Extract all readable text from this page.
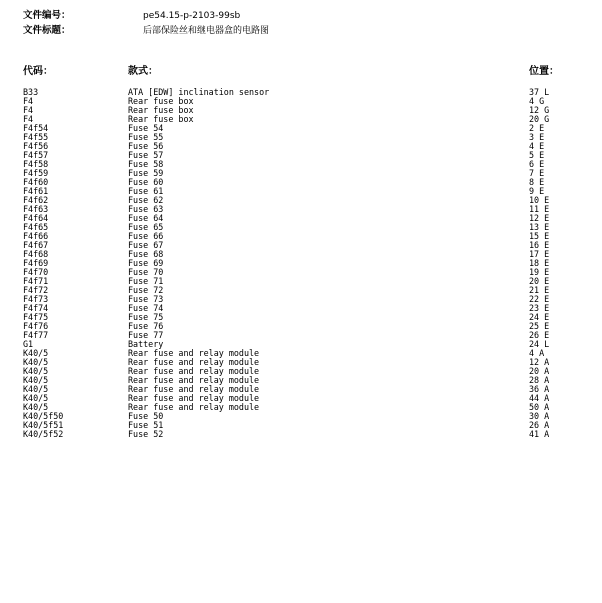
文件编号：	pe54.15-p-2103-99sb
文件标题：	后部保险丝和继电器盒的电路图
代码：	款式：	位置：
B33	ATA [EDW] inclination sensor	37 L
F4	Rear fuse box	4 G
F4	Rear fuse box	12 G
F4	Rear fuse box	20 G
F4f54	Fuse 54	2 E
F4f55	Fuse 55	3 E
F4f56	Fuse 56	4 E
F4f57	Fuse 57	5 E
F4f58	Fuse 58	6 E
F4f59	Fuse 59	7 E
F4f60	Fuse 60	8 E
F4f61	Fuse 61	9 E
F4f62	Fuse 62	10 E
F4f63	Fuse 63	11 E
F4f64	Fuse 64	12 E
F4f65	Fuse 65	13 E
F4f66	Fuse 66	15 E
F4f67	Fuse 67	16 E
F4f68	Fuse 68	17 E
F4f69	Fuse 69	18 E
F4f70	Fuse 70	19 E
F4f71	Fuse 71	20 E
F4f72	Fuse 72	21 E
F4f73	Fuse 73	22 E
F4f74	Fuse 74	23 E
F4f75	Fuse 75	24 E
F4f76	Fuse 76	25 E
F4f77	Fuse 77	26 E
G1	Battery	24 L
K40/5	Rear fuse and relay module	4 A
K40/5	Rear fuse and relay module	12 A
K40/5	Rear fuse and relay module	20 A
K40/5	Rear fuse and relay module	28 A
K40/5	Rear fuse and relay module	36 A
K40/5	Rear fuse and relay module	44 A
K40/5	Rear fuse and relay module	50 A
K40/5f50	Fuse 50	30 A
K40/5f51	Fuse 51	26 A
K40/5f52	Fuse 52	41 A
